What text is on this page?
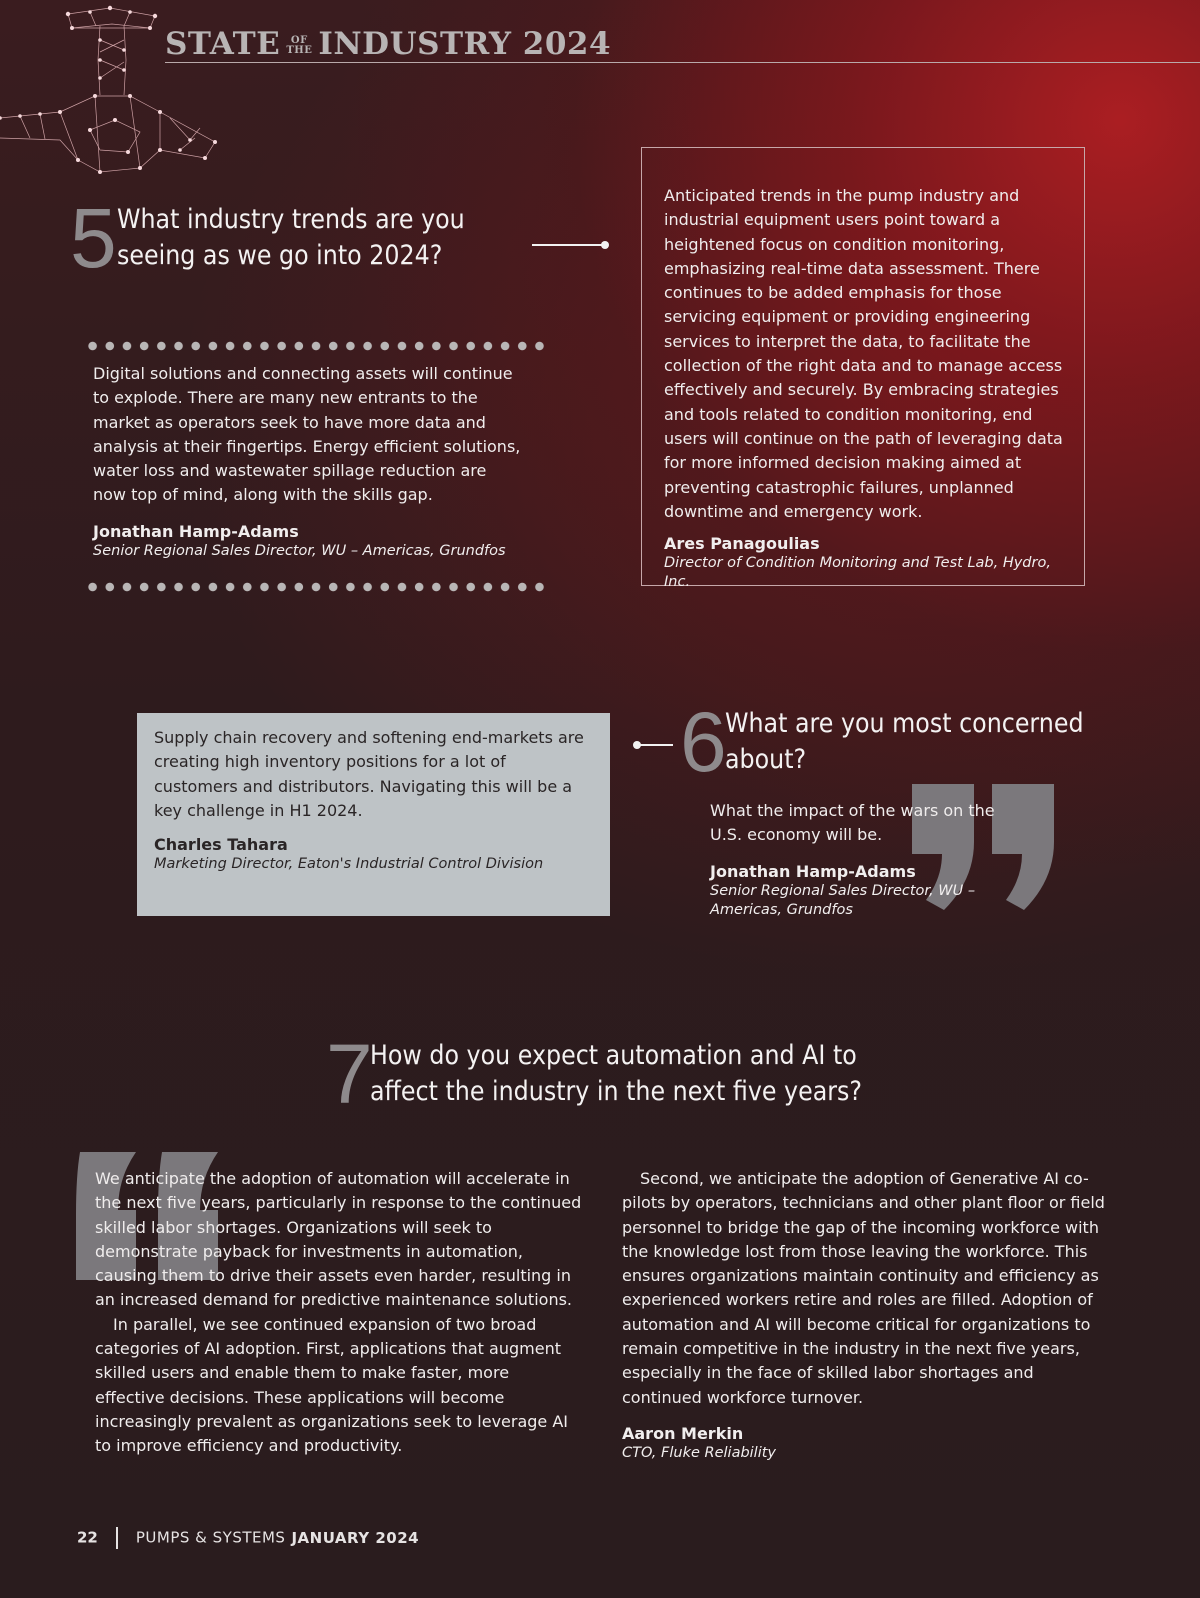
STATE OF
THE INDUSTRY 2024
5 What industry trends are you
seeing as we go into 2024?
Digital solutions and connecting assets will continue to explode. There are many new entrants to the market as operators seek to have more data and analysis at their fingertips. Energy efficient solutions, water loss and wastewater spillage reduction are now top of mind, along with the skills gap.
Jonathan Hamp-Adams
Senior Regional Sales Director, WU – Americas, Grundfos
Anticipated trends in the pump industry and industrial equipment users point toward a heightened focus on condition monitoring, emphasizing real-time data assessment. There continues to be added emphasis for those servicing equipment or providing engineering services to interpret the data, to facilitate the collection of the right data and to manage access effectively and securely. By embracing strategies and tools related to condition monitoring, end users will continue on the path of leveraging data for more informed decision making aimed at preventing catastrophic failures, unplanned downtime and emergency work.
Ares Panagoulias
Director of Condition Monitoring and Test Lab, Hydro, Inc.
Supply chain recovery and softening end-markets are creating high inventory positions for a lot of customers and distributors. Navigating this will be a key challenge in H1 2024.
Charles Tahara
Marketing Director, Eaton's Industrial Control Division
6
What are you most concerned
about?
What the impact of the wars on the U.S. economy will be.
Jonathan Hamp-Adams
Senior Regional Sales Director, WU – Americas, Grundfos
7
How do you expect automation and AI to
affect the industry in the next five years?
We anticipate the adoption of automation will accelerate in the next five years, particularly in response to the continued skilled labor shortages. Organizations will seek to demonstrate payback for investments in automation, causing them to drive their assets even harder, resulting in an increased demand for predictive maintenance solutions.
In parallel, we see continued expansion of two broad categories of AI adoption. First, applications that augment skilled users and enable them to make faster, more effective decisions. These applications will become increasingly prevalent as organizations seek to leverage AI to improve efficiency and productivity.
Second, we anticipate the adoption of Generative AI co-pilots by operators, technicians and other plant floor or field personnel to bridge the gap of the incoming workforce with the knowledge lost from those leaving the workforce. This ensures organizations maintain continuity and efficiency as experienced workers retire and roles are filled. Adoption of automation and AI will become critical for organizations to remain competitive in the industry in the next five years, especially in the face of skilled labor shortages and continued workforce turnover.
Aaron Merkin
CTO, Fluke Reliability
22	PUMPS & SYSTEMS JANUARY 2024
